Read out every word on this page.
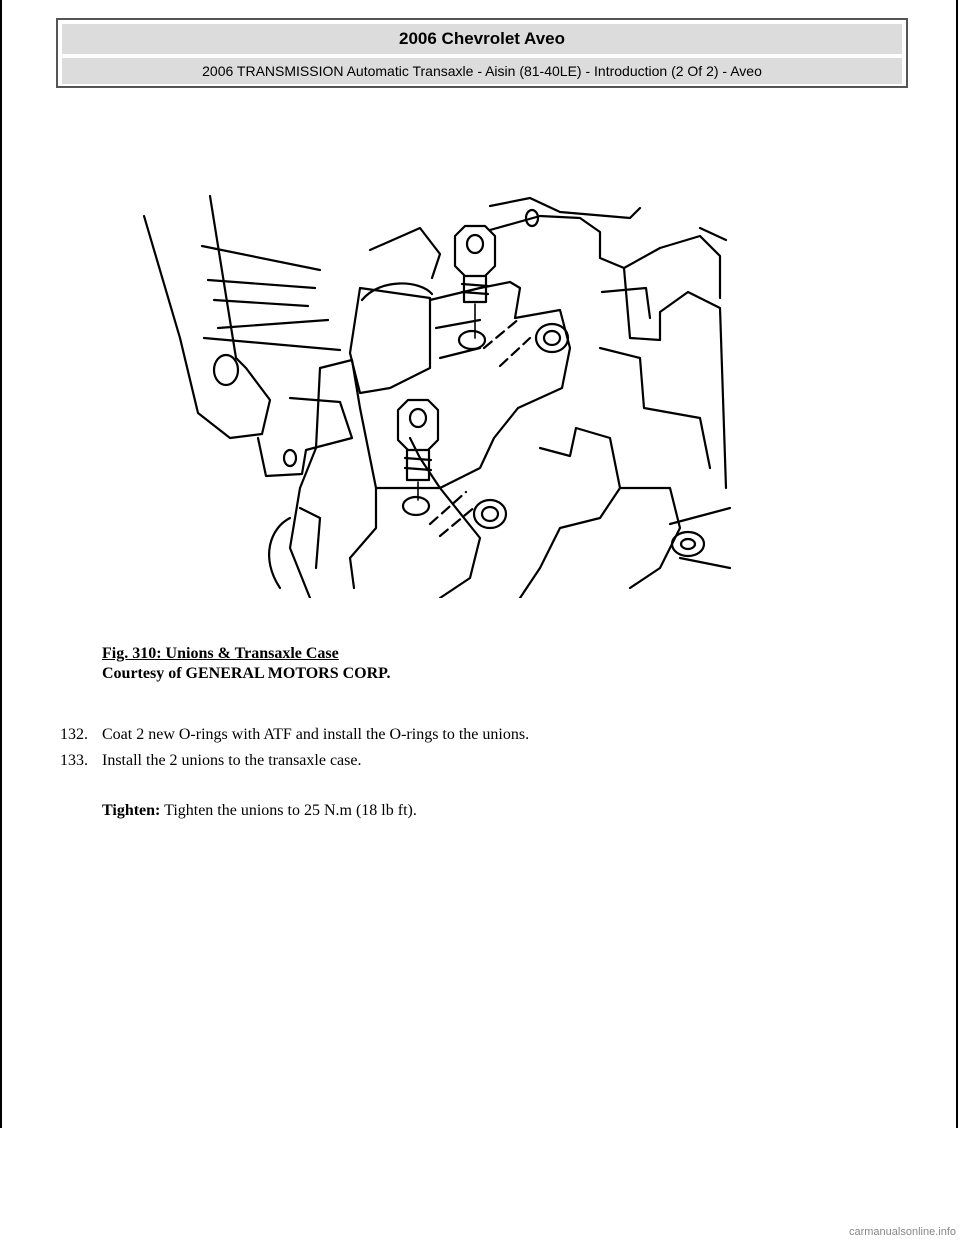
2006 Chevrolet Aveo
2006 TRANSMISSION Automatic Transaxle - Aisin (81-40LE) - Introduction (2 Of 2) - Aveo
Fig. 310: Unions & Transaxle Case
Courtesy of GENERAL MOTORS CORP.
132. Coat 2 new O-rings with ATF and install the O-rings to the unions.
133. Install the 2 unions to the transaxle case.
Tighten: Tighten the unions to 25 N.m (18 lb ft).
carmanualsonline.info
